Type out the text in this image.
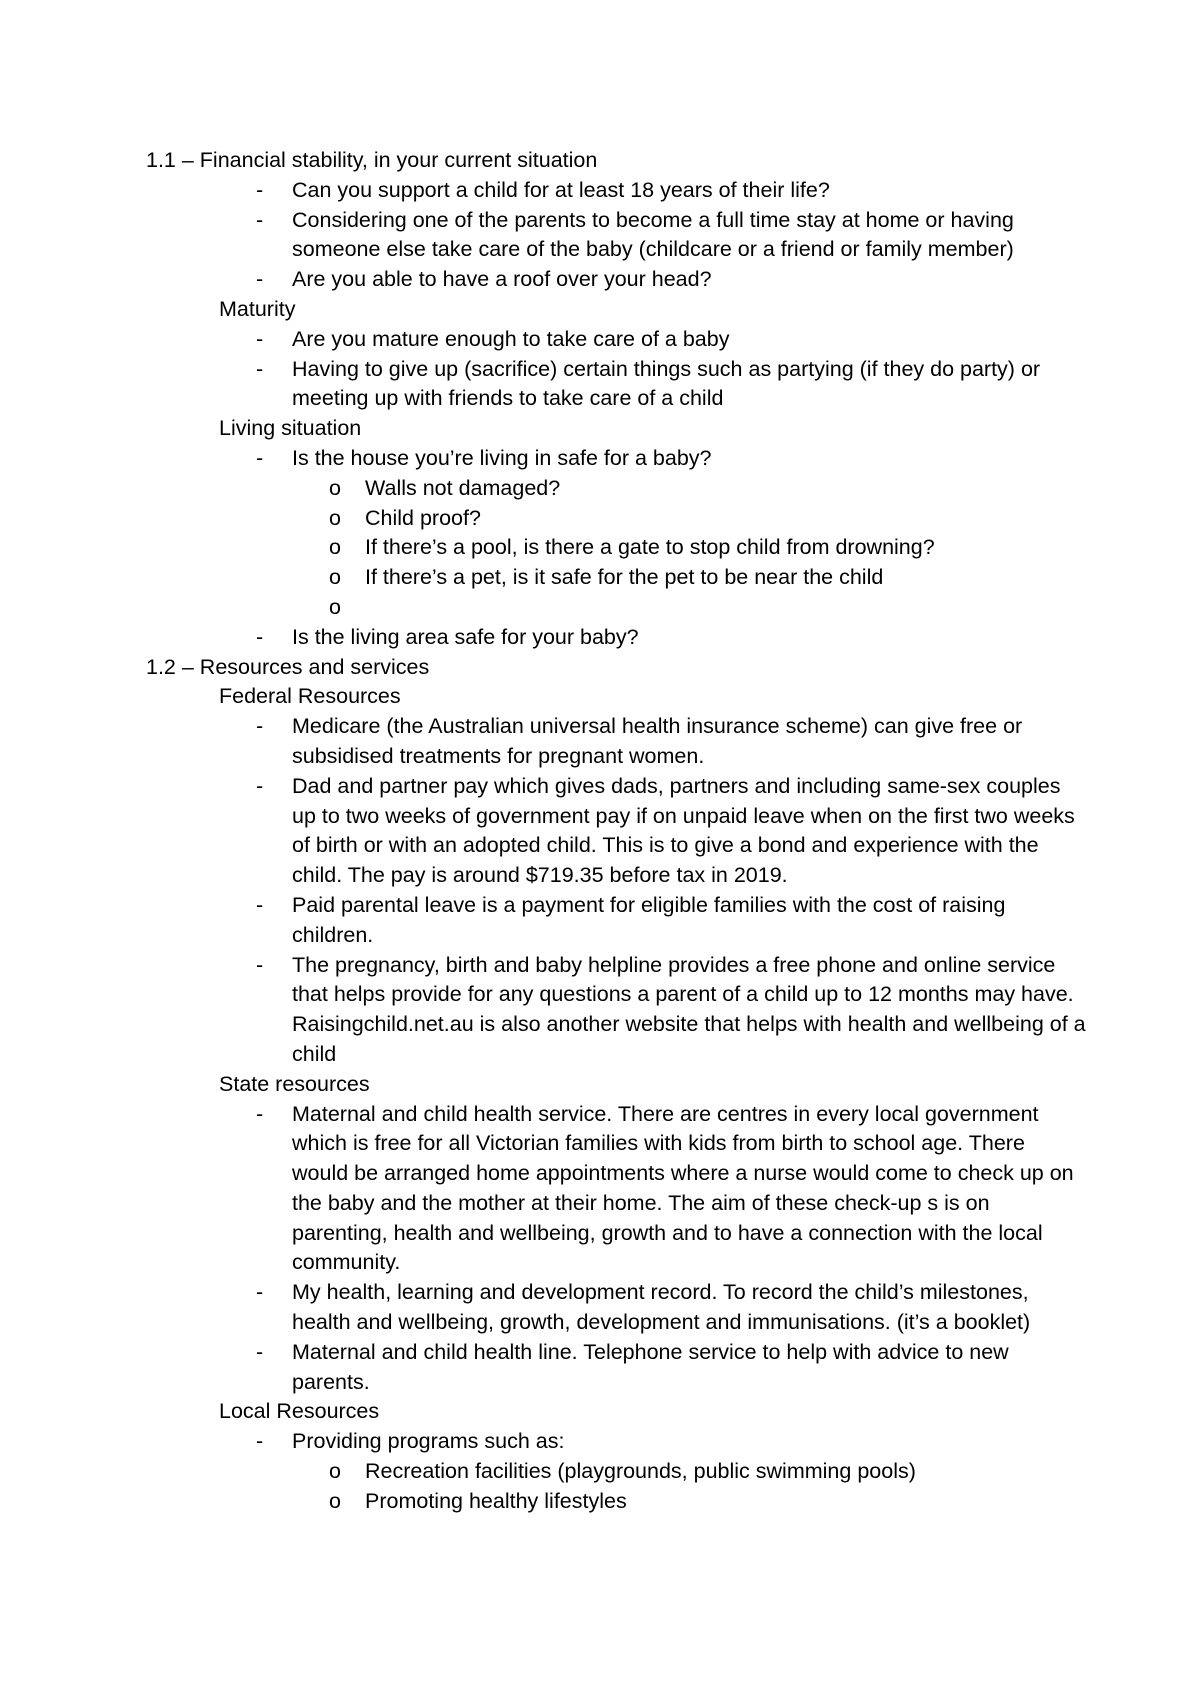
1.1 – Financial stability, in your current situation
- Can you support a child for at least 18 years of their life?
- Considering one of the parents to become a full time stay at home or having someone else take care of the baby (childcare or a friend or family member)
- Are you able to have a roof over your head?
Maturity
- Are you mature enough to take care of a baby
- Having to give up (sacrifice) certain things such as partying (if they do party) or meeting up with friends to take care of a child
Living situation
- Is the house you’re living in safe for a baby?
o Walls not damaged?
o Child proof?
o If there’s a pool, is there a gate to stop child from drowning?
o If there’s a pet, is it safe for the pet to be near the child
o

- Is the living area safe for your baby?
1.2 – Resources and services
Federal Resources
- Medicare (the Australian universal health insurance scheme) can give free or subsidised treatments for pregnant women.
- Dad and partner pay which gives dads, partners and including same-sex couples up to two weeks of government pay if on unpaid leave when on the first two weeks of birth or with an adopted child. This is to give a bond and experience with the child. The pay is around $719.35 before tax in 2019.
- Paid parental leave is a payment for eligible families with the cost of raising children.
- The pregnancy, birth and baby helpline provides a free phone and online service that helps provide for any questions a parent of a child up to 12 months may have. Raisingchild.net.au is also another website that helps with health and wellbeing of a child
State resources
- Maternal and child health service. There are centres in every local government which is free for all Victorian families with kids from birth to school age. There would be arranged home appointments where a nurse would come to check up on the baby and the mother at their home. The aim of these check-up s is on parenting, health and wellbeing, growth and to have a connection with the local community.
- My health, learning and development record. To record the child’s milestones, health and wellbeing, growth, development and immunisations. (it’s a booklet)
- Maternal and child health line. Telephone service to help with advice to new parents.
Local Resources
- Providing programs such as:
o Recreation facilities (playgrounds, public swimming pools)
o Promoting healthy lifestyles
